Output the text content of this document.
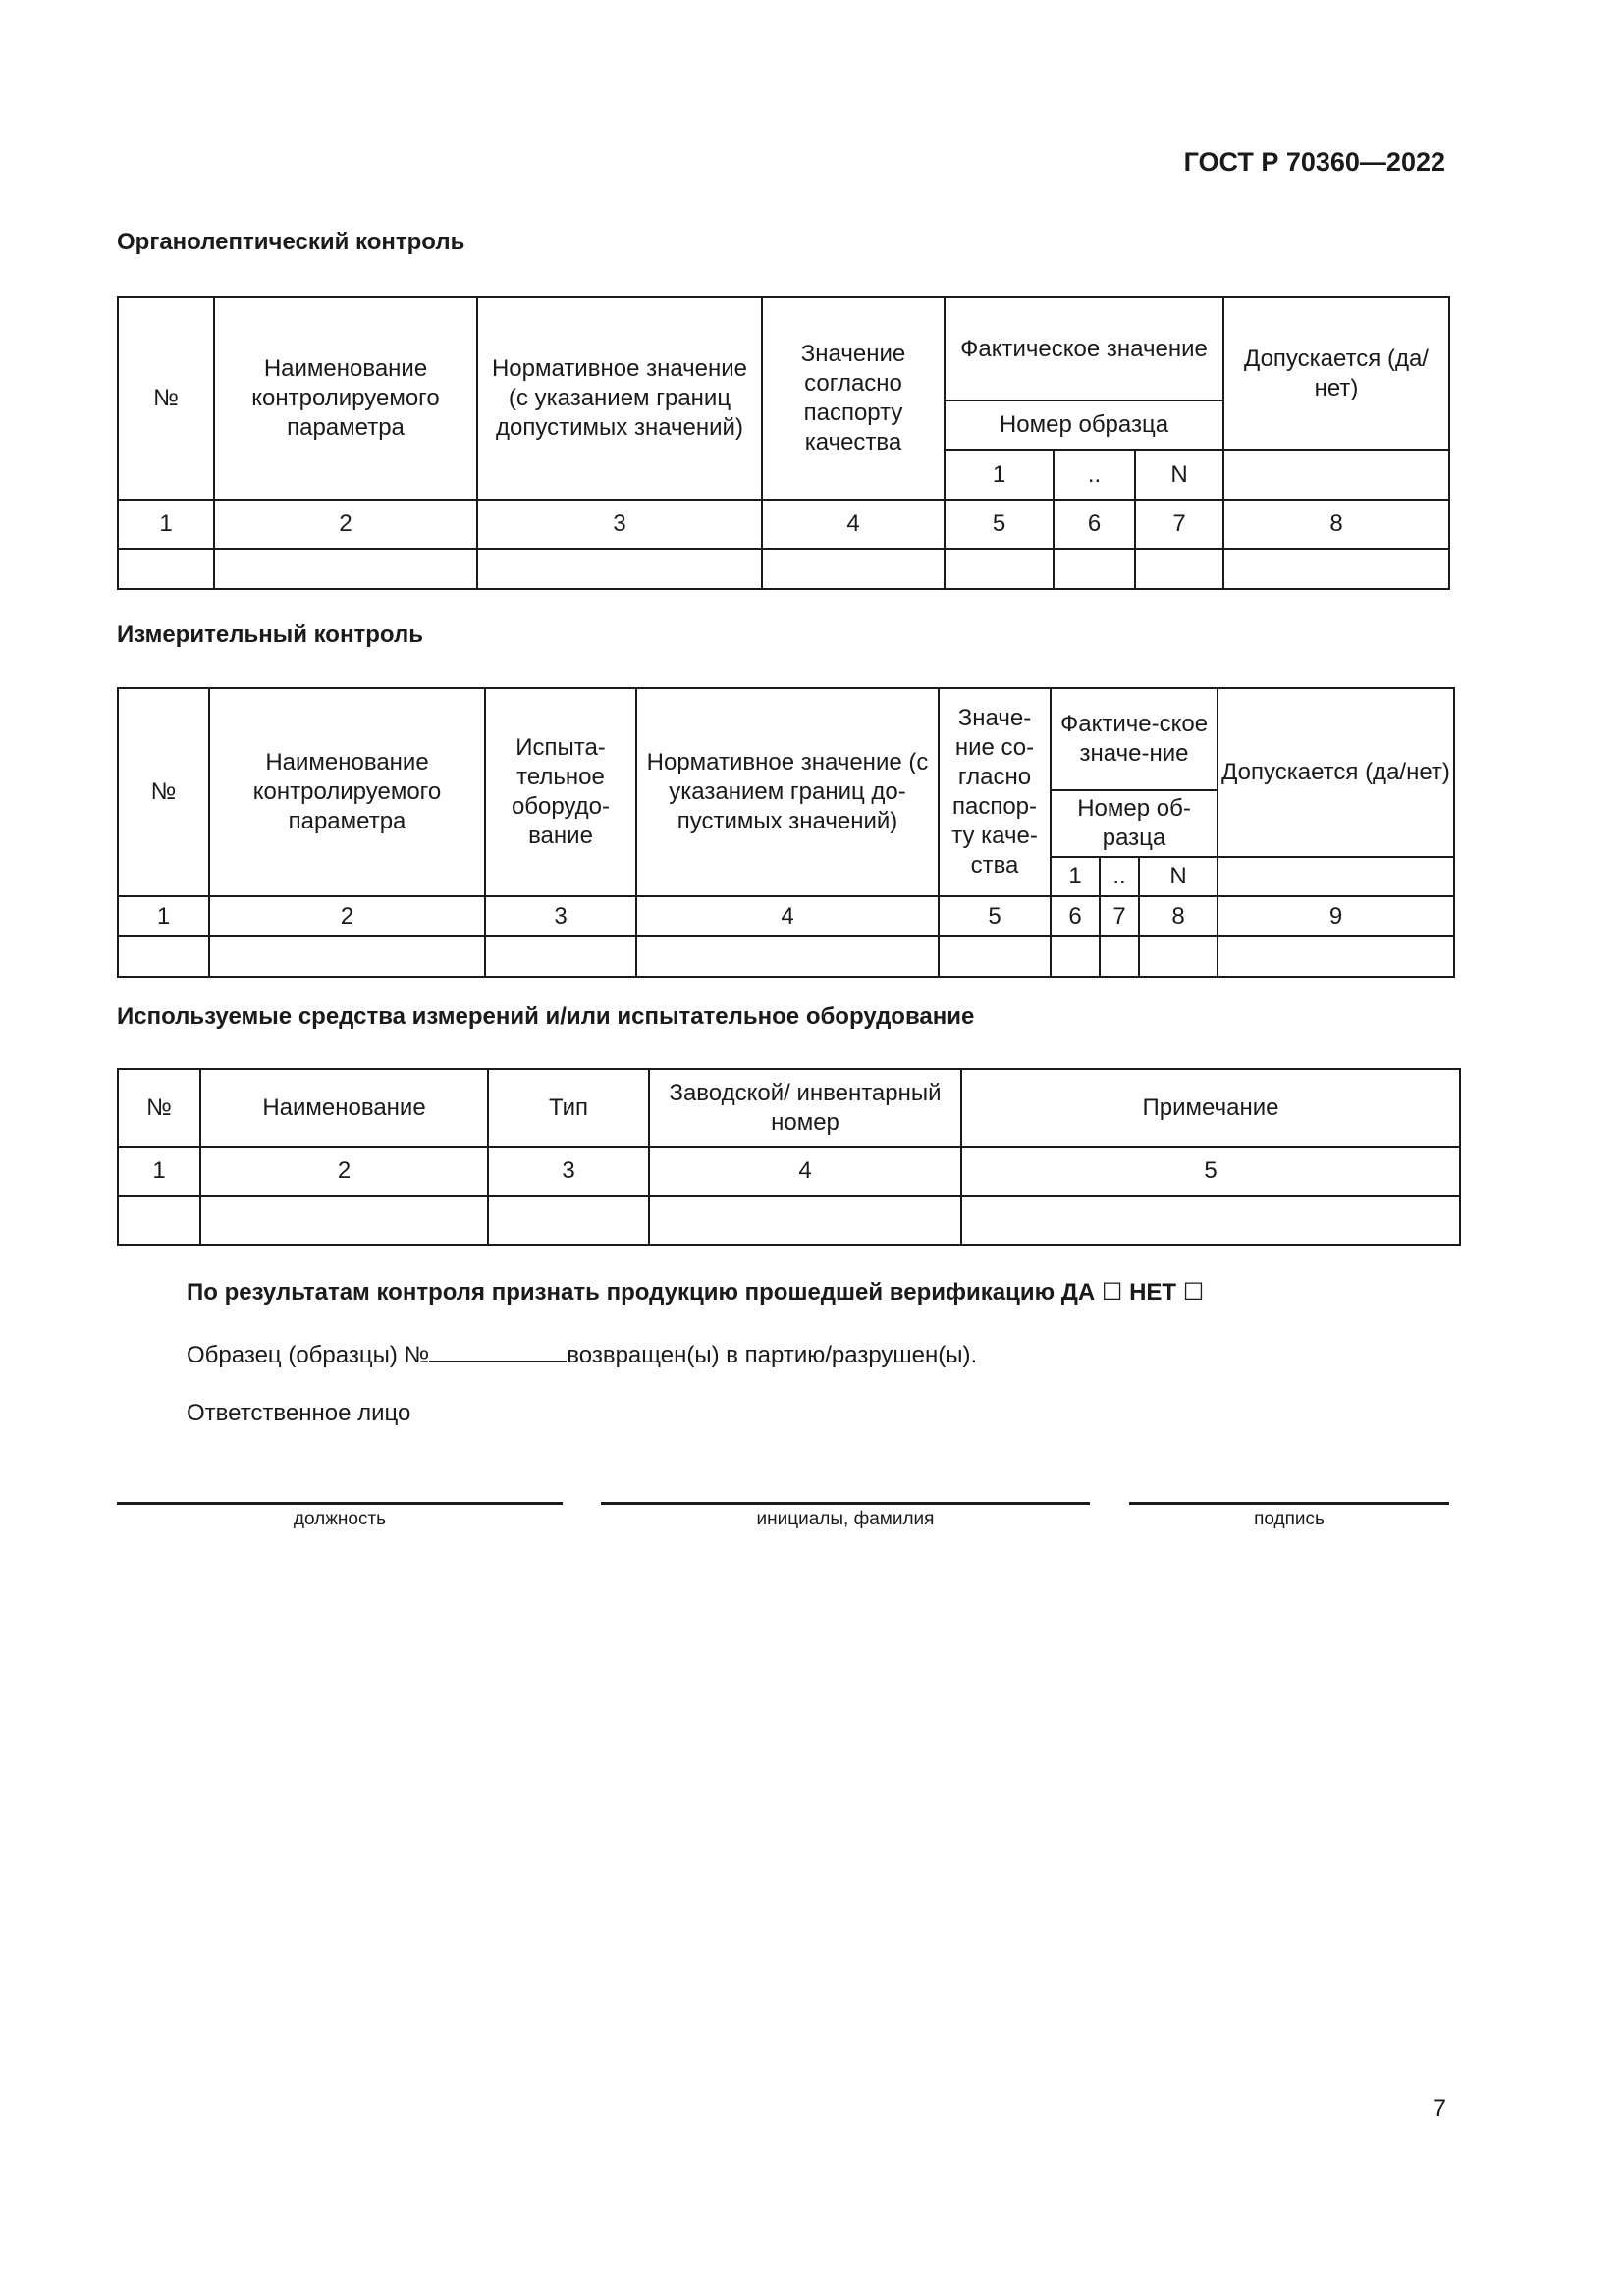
ГОСТ Р 70360—2022
Органолептический контроль
№	Наименование контролируемого параметра	Нормативное значение (с указанием границ допустимых значений)	Значение согласно паспорту качества	Фактическое значение			Допускается (да/нет)
				Номер образца			
				1	..	N	
1	2	3	4	5	6	7	8

Измерительный контроль
№	Наименование контролируемого параметра	Испыта-тельное оборудо-вание	Нормативное значение (с указанием границ до-пустимых значений)	Значе-ние со-гласно паспор-ту каче-ства	Фактиче-ское значе-ние			Допускается (да/нет)
					Номер об-разца			
					1	..	N	
1	2	3	4	5	6	7	8	9

Используемые средства измерений и/или испытательное оборудование
№	Наименование	Тип	Заводской/ инвентарный номер	Примечание
1	2	3	4	5

По результатам контроля признать продукцию прошедшей верификацию ДА ☐ НЕТ ☐
Образец (образцы) №	возвращен(ы) в партию/разрушен(ы).
Ответственное лицо
должность	инициалы, фамилия	подпись
7
